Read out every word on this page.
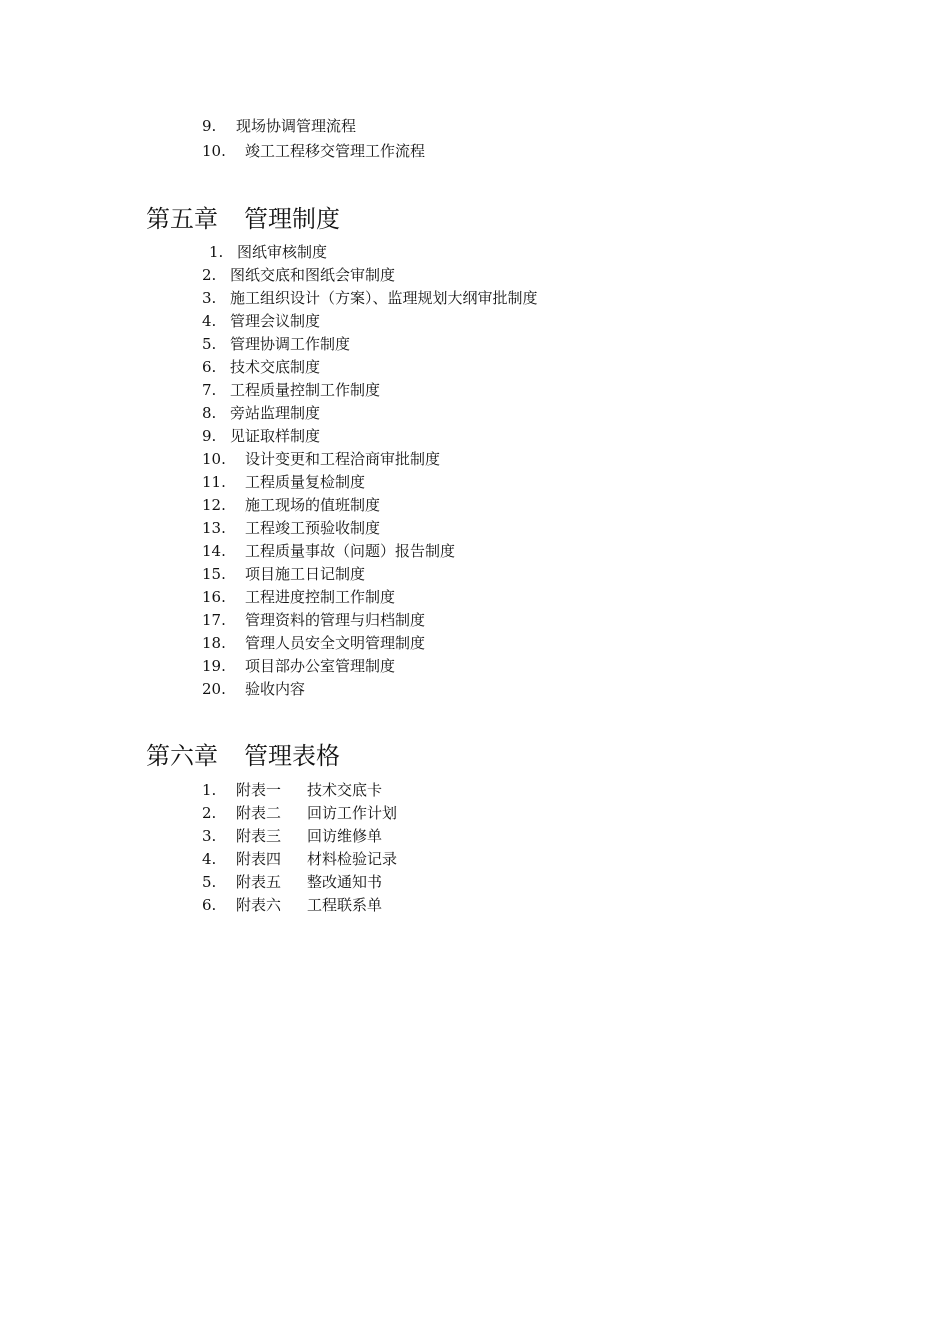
9. 现场协调管理流程
10. 竣工工程移交管理工作流程
第五章 管理制度
1. 图纸审核制度
2. 图纸交底和图纸会审制度
3. 施工组织设计（方案）、监理规划大纲审批制度
4. 管理会议制度
5. 管理协调工作制度
6. 技术交底制度
7. 工程质量控制工作制度
8. 旁站监理制度
9. 见证取样制度
10. 设计变更和工程洽商审批制度
11. 工程质量复检制度
12. 施工现场的值班制度
13. 工程竣工预验收制度
14. 工程质量事故（问题）报告制度
15. 项目施工日记制度
16. 工程进度控制工作制度
17. 管理资料的管理与归档制度
18. 管理人员安全文明管理制度
19. 项目部办公室管理制度
20. 验收内容
第六章 管理表格
1. 附表一 技术交底卡
2. 附表二 回访工作计划
3. 附表三 回访维修单
4. 附表四 材料检验记录
5. 附表五 整改通知书
6. 附表六 工程联系单
